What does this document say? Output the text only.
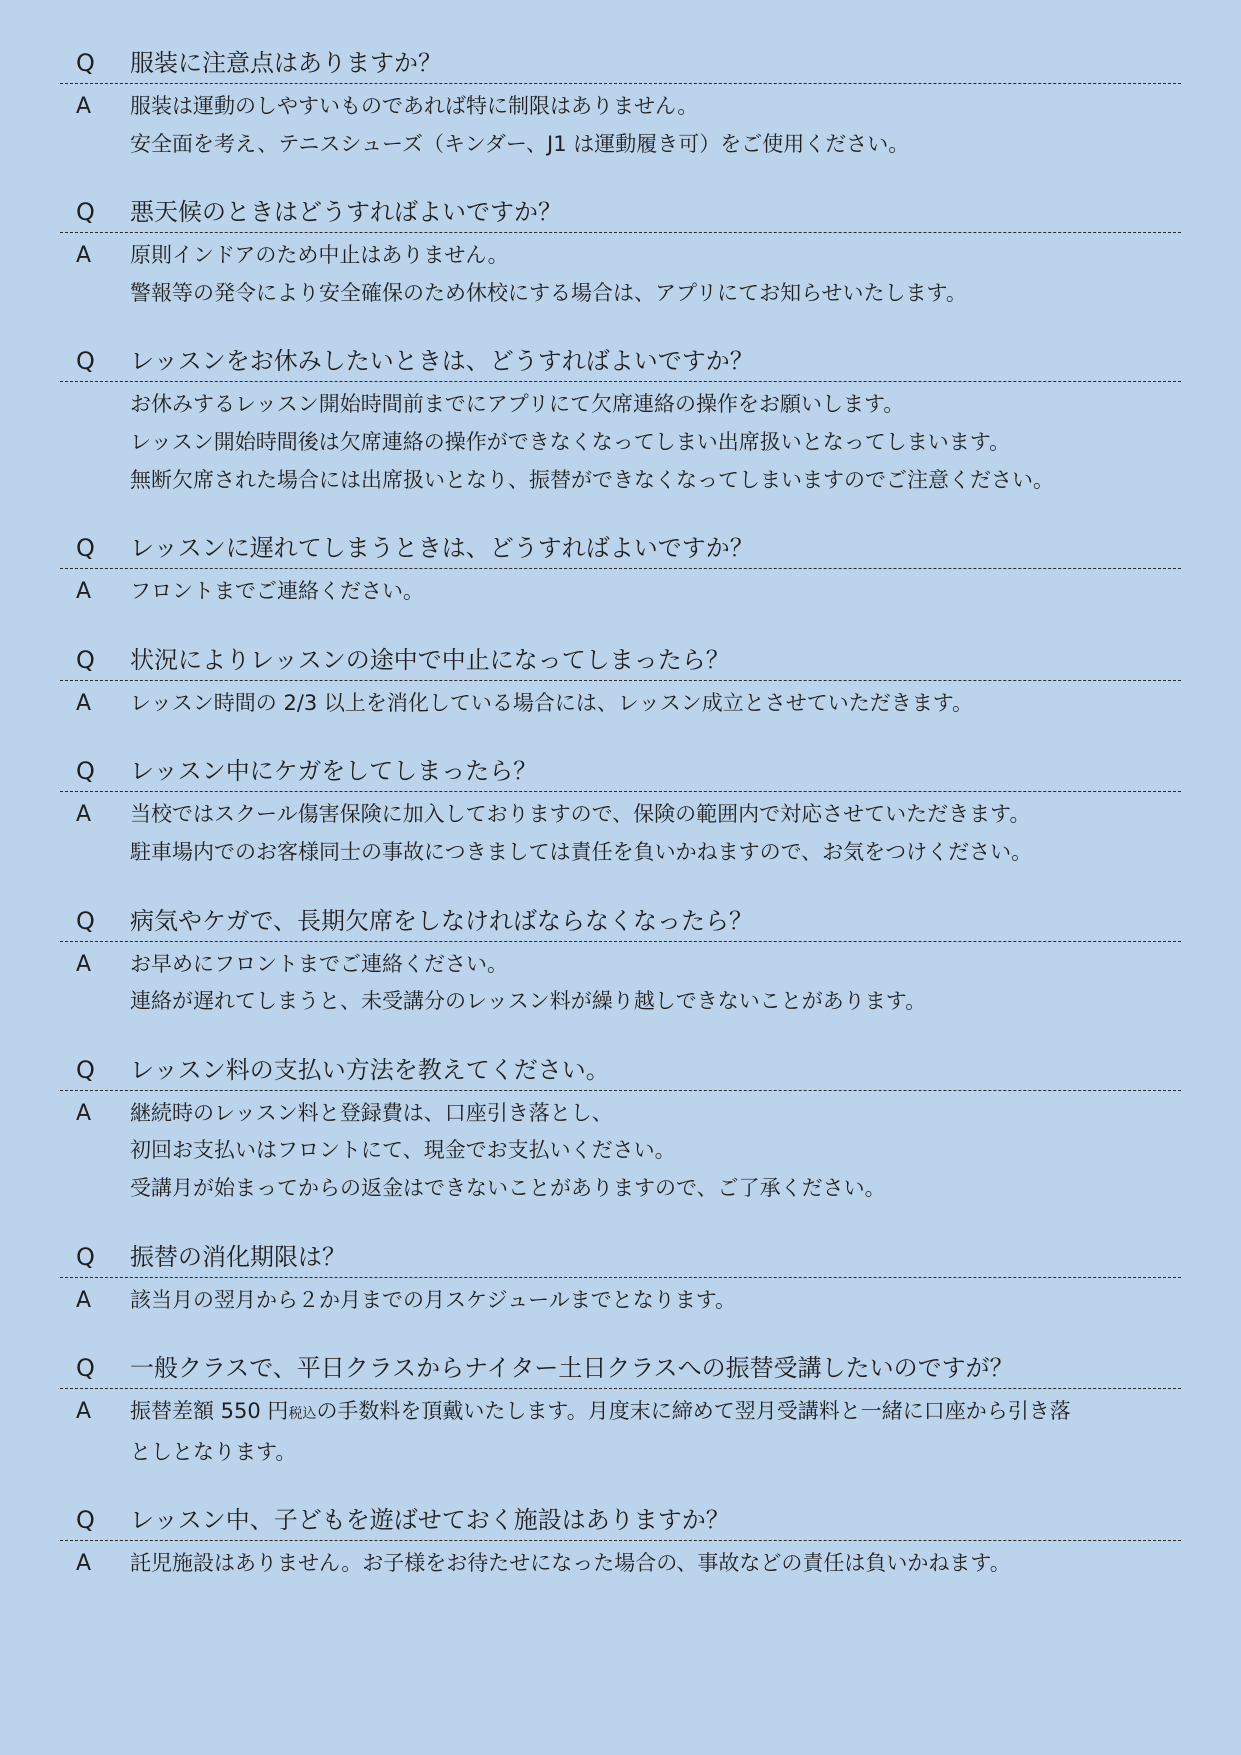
Q	服装に注意点はありますか？
A	服装は運動のしやすいものであれば特に制限はありません。
安全面を考え、テニスシューズ（キンダー、J1 は運動履き可）をご使用ください。
Q	悪天候のときはどうすればよいですか？
A	原則インドアのため中止はありません。
警報等の発令により安全確保のため休校にする場合は、アプリにてお知らせいたします。
Q	レッスンをお休みしたいときは、どうすればよいですか？
お休みするレッスン開始時間前までにアプリにて欠席連絡の操作をお願いします。
レッスン開始時間後は欠席連絡の操作ができなくなってしまい出席扱いとなってしまいます。
無断欠席された場合には出席扱いとなり、振替ができなくなってしまいますのでご注意ください。
Q	レッスンに遅れてしまうときは、どうすればよいですか？
A	フロントまでご連絡ください。
Q	状況によりレッスンの途中で中止になってしまったら？
A	レッスン時間の 2/3 以上を消化している場合には、レッスン成立とさせていただきます。
Q	レッスン中にケガをしてしまったら？
A	当校ではスクール傷害保険に加入しておりますので、保険の範囲内で対応させていただきます。
駐車場内でのお客様同士の事故につきましては責任を負いかねますので、お気をつけください。
Q	病気やケガで、長期欠席をしなければならなくなったら？
A	お早めにフロントまでご連絡ください。
連絡が遅れてしまうと、未受講分のレッスン料が繰り越しできないことがあります。
Q	レッスン料の支払い方法を教えてください。
A	継続時のレッスン料と登録費は、口座引き落とし、
初回お支払いはフロントにて、現金でお支払いください。
受講月が始まってからの返金はできないことがありますので、ご了承ください。
Q	振替の消化期限は？
A	該当月の翌月から２か月までの月スケジュールまでとなります。
Q	一般クラスで、平日クラスからナイター土日クラスへの振替受講したいのですが？
A	振替差額 550 円税込の手数料を頂戴いたします。月度末に締めて翌月受講料と一緒に口座から引き落
としとなります。
Q	レッスン中、子どもを遊ばせておく施設はありますか？
A	託児施設はありません。お子様をお待たせになった場合の、事故などの責任は負いかねます。
